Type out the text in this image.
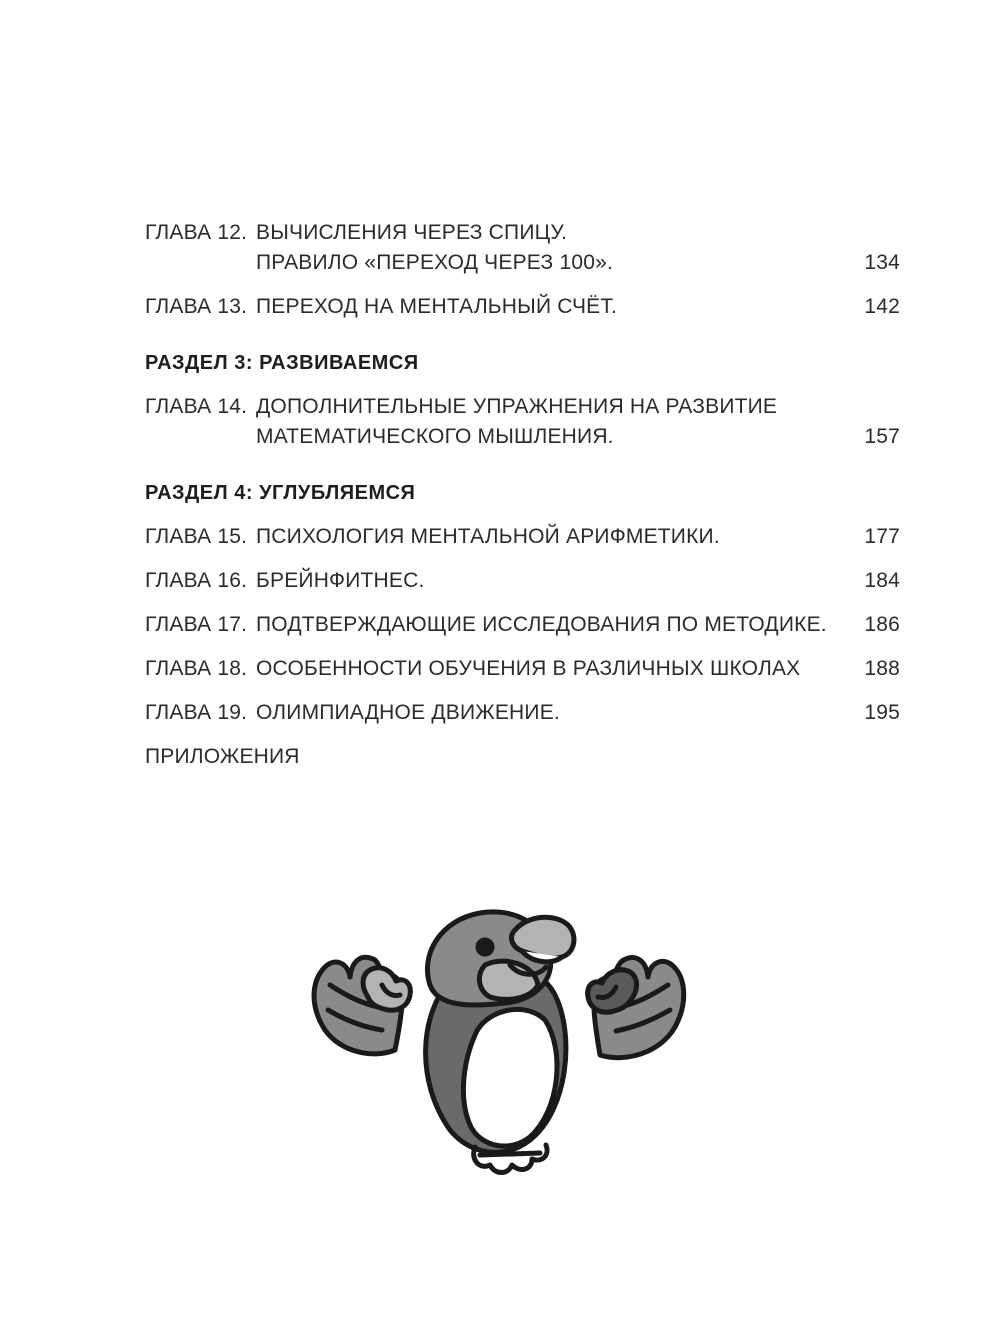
ГЛАВА 12. ВЫЧИСЛЕНИЯ ЧЕРЕЗ СПИЦУ.
ПРАВИЛО «ПЕРЕХОД ЧЕРЕЗ 100».	134
ГЛАВА 13. ПЕРЕХОД НА МЕНТАЛЬНЫЙ СЧЁТ.	142
РАЗДЕЛ 3: РАЗВИВАЕМСЯ
ГЛАВА 14. ДОПОЛНИТЕЛЬНЫЕ УПРАЖНЕНИЯ НА РАЗВИТИЕ
МАТЕМАТИЧЕСКОГО МЫШЛЕНИЯ.	157
РАЗДЕЛ 4: УГЛУБЛЯЕМСЯ
ГЛАВА 15. ПСИХОЛОГИЯ МЕНТАЛЬНОЙ АРИФМЕТИКИ.	177
ГЛАВА 16. БРЕЙНФИТНЕС.	184
ГЛАВА 17. ПОДТВЕРЖДАЮЩИЕ ИССЛЕДОВАНИЯ ПО МЕТОДИКЕ.	186
ГЛАВА 18. ОСОБЕННОСТИ ОБУЧЕНИЯ В РАЗЛИЧНЫХ ШКОЛАХ	188
ГЛАВА 19. ОЛИМПИАДНОЕ ДВИЖЕНИЕ.	195
ПРИЛОЖЕНИЯ
